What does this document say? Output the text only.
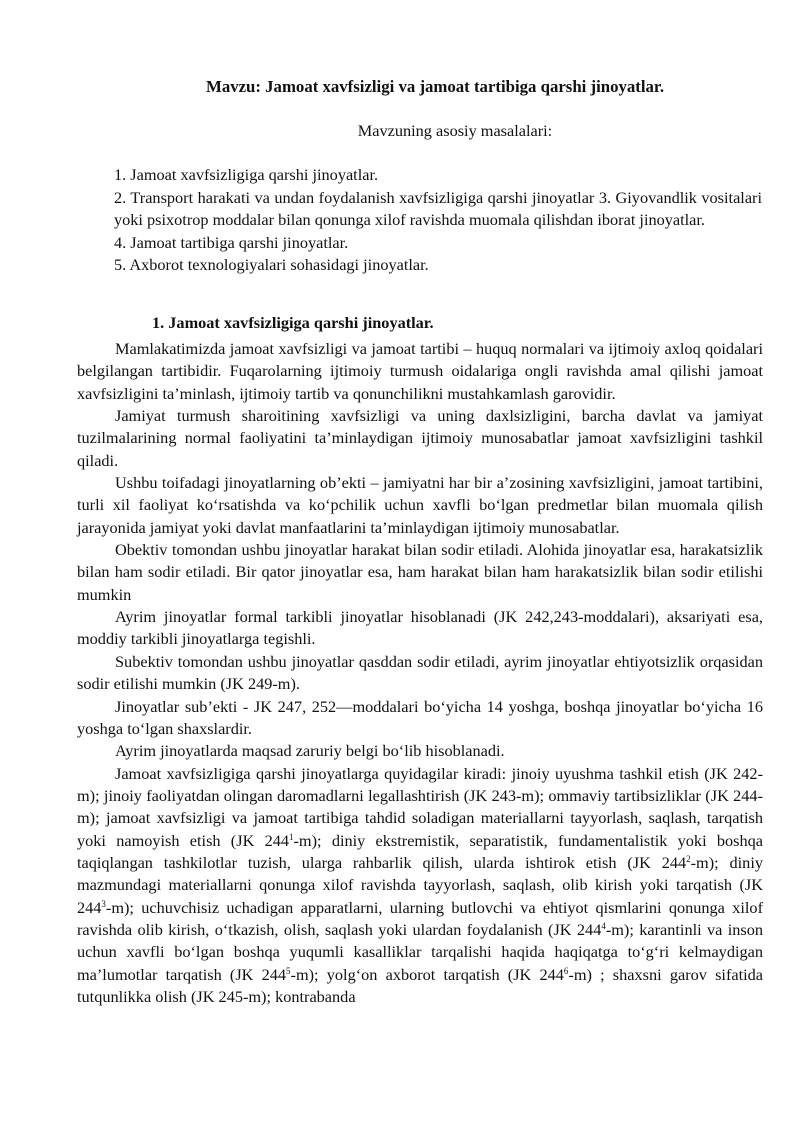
Mavzu: Jamoat xavfsizligi va jamoat tartibiga qarshi jinoyatlar.
Mavzuning asosiy masalalari:
1. Jamoat xavfsizligiga qarshi jinoyatlar.
2. Transport harakati va undan foydalanish xavfsizligiga qarshi jinoyatlar 3. Giyovandlik vositalari yoki psixotrop moddalar bilan qonunga xilof ravishda muomala qilishdan iborat jinoyatlar.
4. Jamoat tartibiga qarshi jinoyatlar.
5. Axborot texnologiyalari sohasidagi jinoyatlar.
1. Jamoat xavfsizligiga qarshi jinoyatlar.

Mamlakatimizda jamoat xavfsizligi va jamoat tartibi – huquq normalari va ijtimoiy axloq qoidalari belgilangan tartibidir. Fuqarolarning ijtimoiy turmush oidalariga ongli ravishda amal qilishi jamoat xavfsizligini ta’minlash, ijtimoiy tartib va qonunchilikni mustahkamlash garovidir.

Jamiyat turmush sharoitining xavfsizligi va uning daxlsizligini, barcha davlat va jamiyat tuzilmalarining normal faoliyatini ta’minlaydigan ijtimoiy munosabatlar jamoat xavfsizligini tashkil qiladi.

Ushbu toifadagi jinoyatlarning ob’ekti – jamiyatni har bir a’zosining xavfsizligini, jamoat tartibini, turli xil faoliyat ko‘rsatishda va ko‘pchilik uchun xavfli bo‘lgan predmetlar bilan muomala qilish jarayonida jamiyat yoki davlat manfaatlarini ta’minlaydigan ijtimoiy munosabatlar.

Obektiv tomondan ushbu jinoyatlar harakat bilan sodir etiladi. Alohida jinoyatlar esa, harakatsizlik bilan ham sodir etiladi. Bir qator jinoyatlar esa, ham harakat bilan ham harakatsizlik bilan sodir etilishi mumkin

Ayrim jinoyatlar formal tarkibli jinoyatlar hisoblanadi (JK 242,243-moddalari), aksariyati esa, moddiy tarkibli jinoyatlarga tegishli.

Subektiv tomondan ushbu jinoyatlar qasddan sodir etiladi, ayrim jinoyatlar ehtiyotsizlik orqasidan sodir etilishi mumkin (JK 249-m).

Jinoyatlar sub’ekti - JK 247, 252—moddalari bo‘yicha 14 yoshga, boshqa jinoyatlar bo‘yicha 16 yoshga to‘lgan shaxslardir.

Ayrim jinoyatlarda maqsad zaruriy belgi bo‘lib hisoblanadi.

Jamoat xavfsizligiga qarshi jinoyatlarga quyidagilar kiradi: jinoiy uyushma tashkil etish (JK 242-m); jinoiy faoliyatdan olingan daromadlarni legallashtirish (JK 243-m); ommaviy tartibsizliklar (JK 244-m); jamoat xavfsizligi va jamoat tartibiga tahdid soladigan materiallarni tayyorlash, saqlash, tarqatish yoki namoyish etish (JK $244^1-m$); diniy ekstremistik, separatistik, fundamentalistik yoki boshqa taqiqlangan tashkilotlar tuzish, ularga rahbarlik qilish, ularda ishtirok etish (JK $244^2-m$); diniy mazmundagi materiallarni qonunga xilof ravishda tayyorlash, saqlash, olib kirish yoki tarqatish (JK $244^3-m$); uchuvchisiz uchadigan apparatlarni, ularning butlovchi va ehtiyot qismlarini qonunga xilof ravishda olib kirish, o‘tkazish, olish, saqlash yoki ulardan foydalanish (JK $244^4-m$); karantinli va inson uchun xavfli bo‘lgan boshqa yuqumli kasalliklar tarqalishi haqida haqiqatga to‘g‘ri kelmaydigan ma’lumotlar tarqatish (JK $244^5-m$); yolg‘on axborot tarqatish (JK $244^6-m$) ; shaxsni garov sifatida tutqunlikka olish (JK 245-m); kontrabanda
